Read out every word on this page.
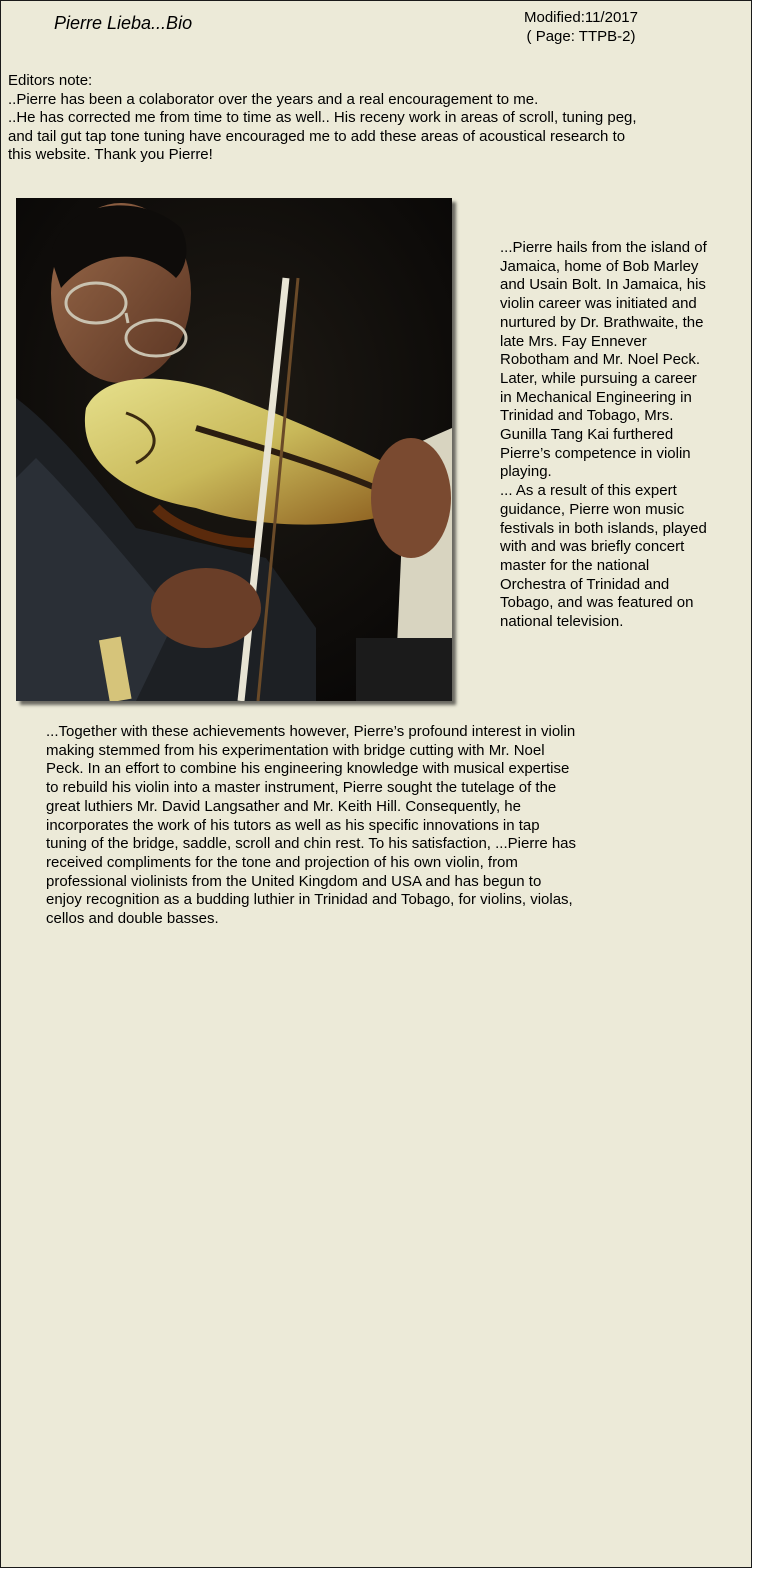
Pierre Lieba...Bio	Modified:11/2017
( Page: TTPB-2)

Editors note:

..Pierre has been a colaborator over the years and a real encouragement to me.

..He has corrected me from time to time as well.. His receny work in areas of scroll, tuning peg, and tail gut tap tone tuning have encouraged me to add these areas of acoustical research to this website. Thank you Pierre!

...Pierre hails from the island of Jamaica, home of Bob Marley and Usain Bolt. In Jamaica, his violin career was initiated and nurtured by Dr. Brathwaite, the late Mrs. Fay Ennever Robotham and Mr. Noel Peck. Later, while pursuing a career in Mechanical Engineering in Trinidad and Tobago, Mrs. Gunilla Tang Kai furthered Pierre’s competence in violin playing.

... As a result of this expert guidance, Pierre won music festivals in both islands, played with and was briefly concert master for the national Orchestra of Trinidad and Tobago, and was featured on national television.

...Together with these achievements however, Pierre’s profound interest in violin making stemmed from his experimentation with bridge cutting with Mr. Noel Peck. In an effort to combine his engineering knowledge with musical expertise to rebuild his violin into a master instrument, Pierre sought the tutelage of the great luthiers Mr. David Langsather and Mr. Keith Hill. Consequently, he incorporates the work of his tutors as well as his specific innovations in tap tuning of the bridge, saddle, scroll and chin rest. To his satisfaction, ...Pierre has received compliments for the tone and projection of his own violin, from professional violinists from the United Kingdom and USA and has begun to enjoy recognition as a budding luthier in Trinidad and Tobago, for violins, violas, cellos and double basses.
